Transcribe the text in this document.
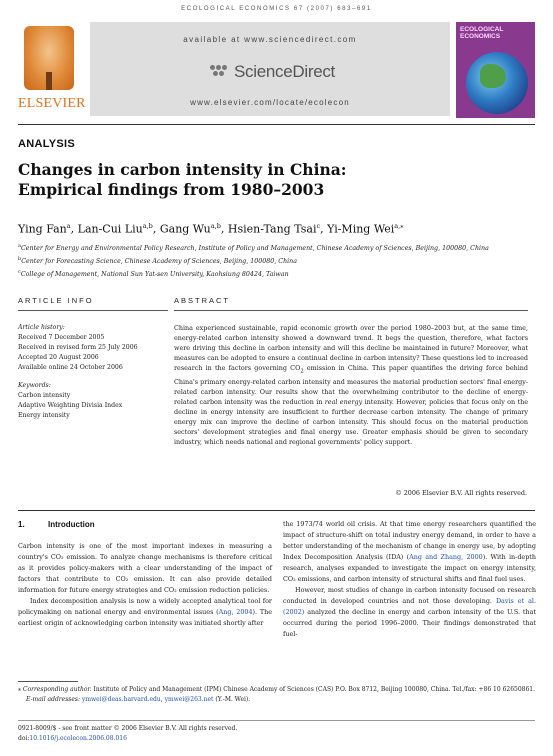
ECOLOGICAL ECONOMICS 67 (2007) 683–691
ELSEVIER
available at www.sciencedirect.com
ScienceDirect
www.elsevier.com/locate/ecolecon
ECOLOGICAL ECONOMICS
ANALYSIS
Changes in carbon intensity in China:
Empirical findings from 1980–2003
Ying Fan$^a$, Lan-Cui Liu$^{a,b}$, Gang Wu$^{a,b}$, Hsien-Tang Tsai$^c$, Yi-Ming Wei$^{a,⁎}$
$^a$Center for Energy and Environmental Policy Research, Institute of Policy and Management, Chinese Academy of Sciences, Beijing, 100080, China
$^b$Center for Forecasting Science, Chinese Academy of Sciences, Beijing, 100080, China
$^c$College of Management, National Sun Yat-sen University, Kaohsiung 80424, Taiwan
ARTICLE INFO	ABSTRACT
Article history:
Received 7 December 2005
Received in revised form 25 July 2006
Accepted 20 August 2006
Available online 24 October 2006
Keywords:
Carbon intensity
Adaptive Weighting Divisia Index
Energy intensity
China experienced sustainable, rapid economic growth over the period 1980–2003 but, at the same time, energy-related carbon intensity showed a downward trend. It begs the question, therefore, what factors were driving this decline in carbon intensity and will this decline be maintained in future? Moreover, what measures can be adopted to ensure a continual decline in carbon intensity? These questions led to increased research in the factors governing $CO_2$ emission in China. This paper quantifies the driving force behind China's primary energy-related carbon intensity and measures the material production sectors' final energy-related carbon intensity. Our results show that the overwhelming contributor to the decline of energy-related carbon intensity was the reduction in real energy intensity. However, policies that focus only on the decline in energy intensity are insufficient to further decrease carbon intensity. The change of primary energy mix can improve the decline of carbon intensity. This should focus on the material production sectors' development strategies and final energy use. Greater emphasis should be given to secondary industry, which needs national and regional governments' policy support.
© 2006 Elsevier B.V. All rights reserved.
1.	Introduction

Carbon intensity is one of the most important indexes in measuring a country's CO₂ emission. To analyze change mechanisms is therefore critical as it provides policy-makers with a clear understanding of the impact of factors that contribute to CO₂ emission. It can also provide detailed information for future energy strategies and CO₂ emission reduction policies.

Index decomposition analysis is now a widely accepted analytical tool for policymaking on national energy and environmental issues (Ang, 2004). The earliest origin of acknowledging carbon intensity was initiated shortly after

the 1973/74 world oil crisis. At that time energy researchers quantified the impact of structure-shift on total industry energy demand, in order to have a better understanding of the mechanism of change in energy use, by adopting Index Decomposition Analysis (IDA) (Ang and Zhang, 2000). With in-depth research, analyses expanded to investigate the impact on energy intensity, CO₂ emissions, and carbon intensity of structural shifts and final fuel uses.

However, most studies of change in carbon intensity focused on research conducted in developed countries and not those developing. Davis et al. (2002) analyzed the decline in energy and carbon intensity of the U.S. that occurred during the period 1996–2000. Their findings demonstrated that fuel-

⁎ Corresponding author. Institute of Policy and Management (IPM) Chinese Academy of Sciences (CAS) P.O. Box 8712, Beijing 100080, China. Tel./fax: +86 10 62650861.
E-mail addresses: ymwei@deas.harvard.edu, ymwei@263.net (Y.-M. Wei).
0921-8009/$ - see front matter © 2006 Elsevier B.V. All rights reserved.
doi:10.1016/j.ecolecon.2006.08.016
